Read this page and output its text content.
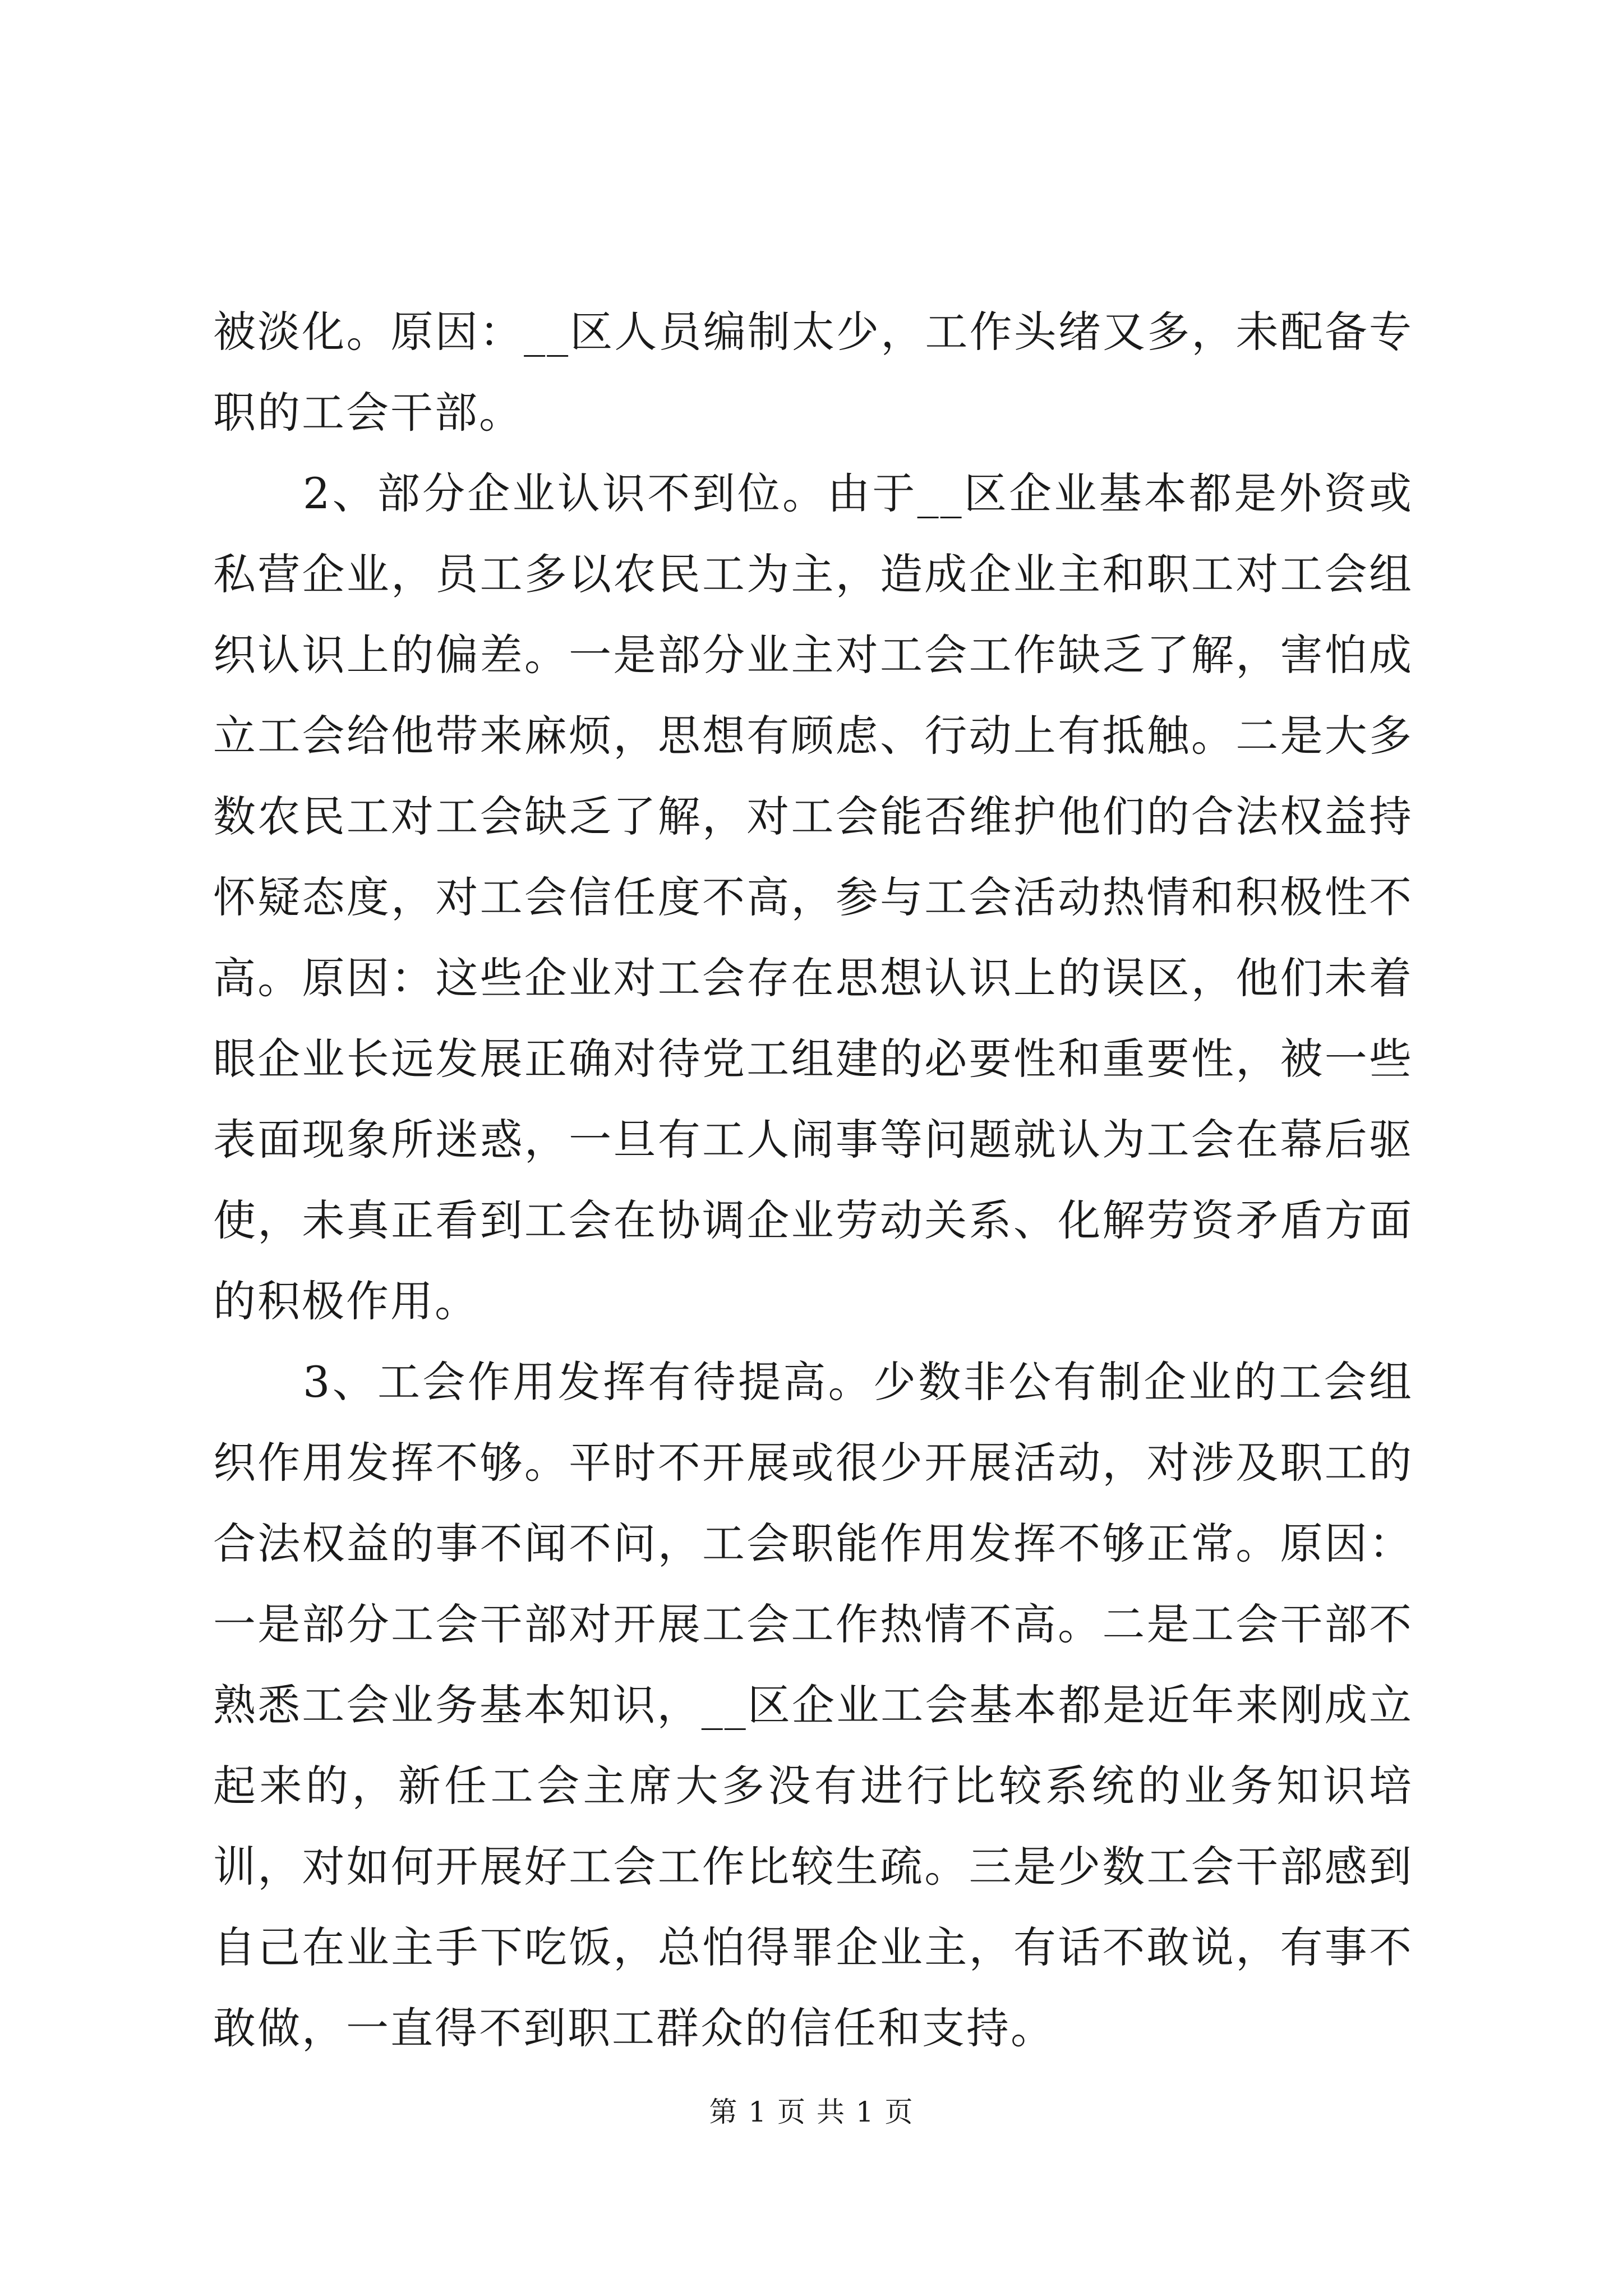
被淡化。原因：__区人员编制太少，工作头绪又多，未配备专职的工会干部。

2、部分企业认识不到位。由于__区企业基本都是外资或私营企业，员工多以农民工为主，造成企业主和职工对工会组织认识上的偏差。一是部分业主对工会工作缺乏了解，害怕成立工会给他带来麻烦，思想有顾虑、行动上有抵触。二是大多数农民工对工会缺乏了解，对工会能否维护他们的合法权益持怀疑态度，对工会信任度不高，参与工会活动热情和积极性不高。原因：这些企业对工会存在思想认识上的误区，他们未着眼企业长远发展正确对待党工组建的必要性和重要性，被一些表面现象所迷惑，一旦有工人闹事等问题就认为工会在幕后驱使，未真正看到工会在协调企业劳动关系、化解劳资矛盾方面的积极作用。

3、工会作用发挥有待提高。少数非公有制企业的工会组织作用发挥不够。平时不开展或很少开展活动，对涉及职工的合法权益的事不闻不问，工会职能作用发挥不够正常。原因：一是部分工会干部对开展工会工作热情不高。二是工会干部不熟悉工会业务基本知识，__区企业工会基本都是近年来刚成立起来的，新任工会主席大多没有进行比较系统的业务知识培训，对如何开展好工会工作比较生疏。三是少数工会干部感到自己在业主手下吃饭，总怕得罪企业主，有话不敢说，有事不敢做，一直得不到职工群众的信任和支持。

第 1 页 共 1 页
